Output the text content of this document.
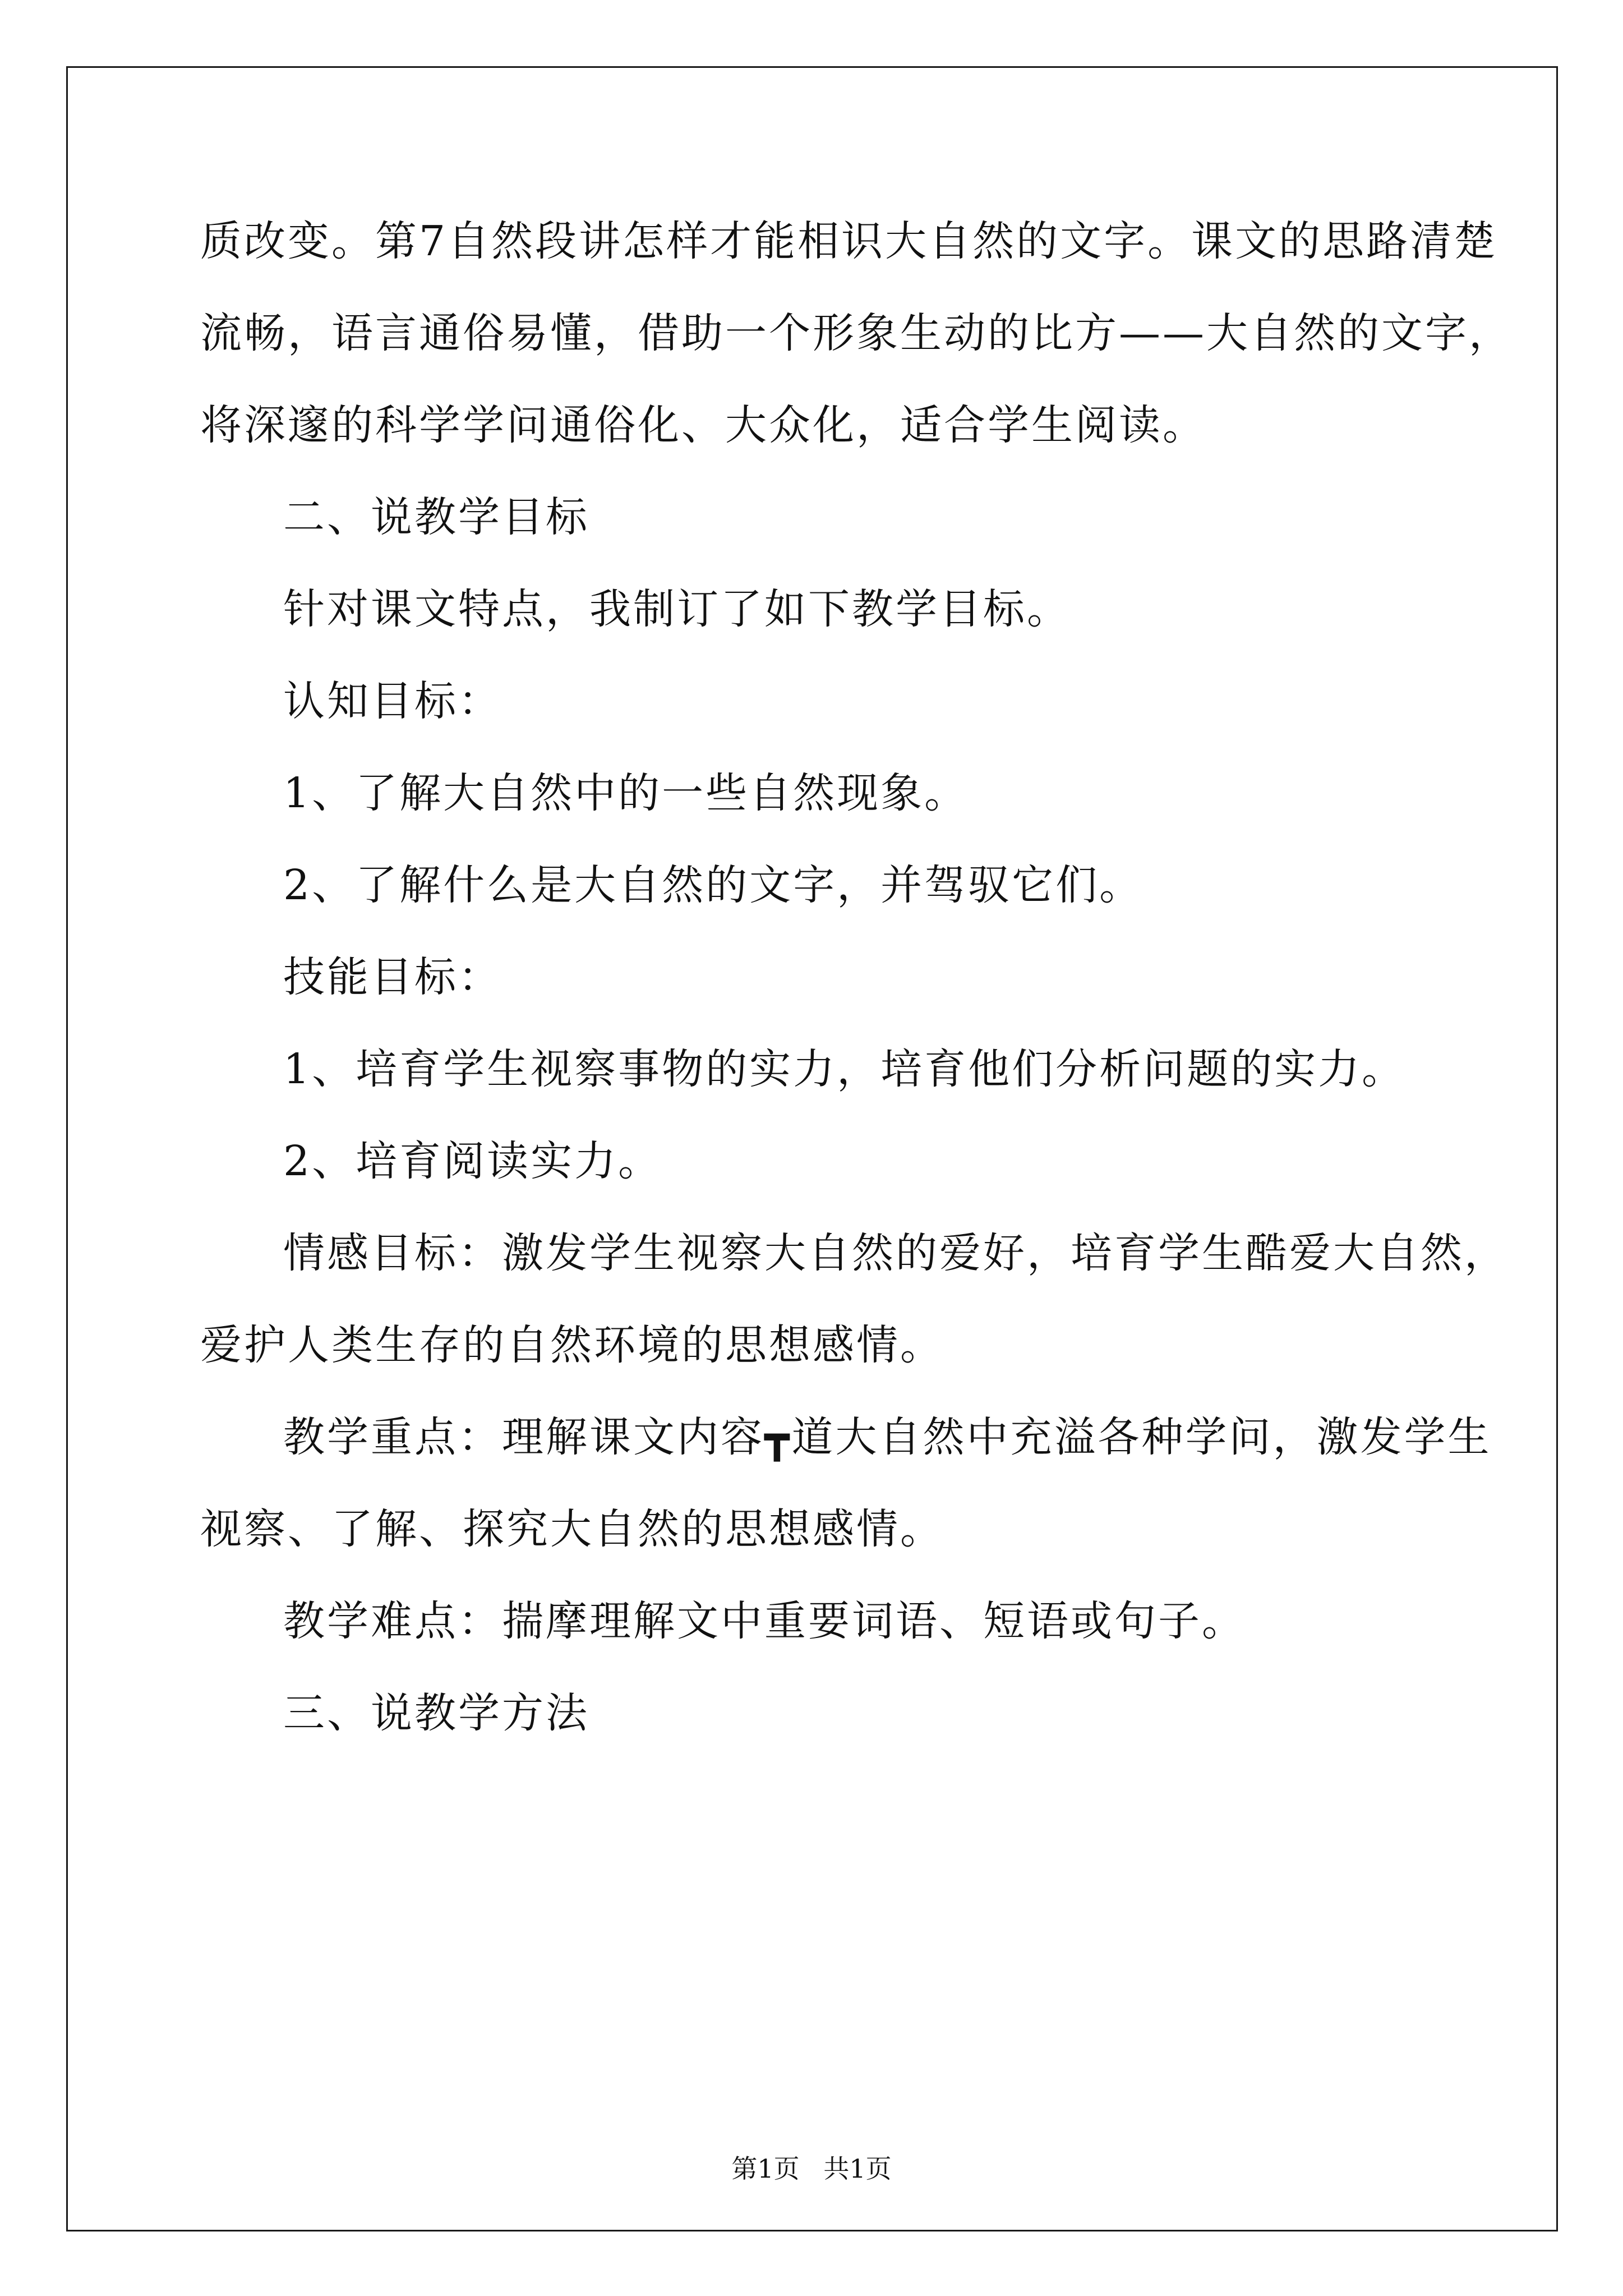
质改变。第7自然段讲怎样才能相识大自然的文字。课文的思路清楚
流畅，语言通俗易懂，借助一个形象生动的比方——大自然的文字，
将深邃的科学学问通俗化、大众化，适合学生阅读。
二、说教学目标
针对课文特点，我制订了如下教学目标。
认知目标：
1、了解大自然中的一些自然现象。
2、了解什么是大自然的文字，并驾驭它们。
技能目标：
1、培育学生视察事物的实力，培育他们分析问题的实力。
2、培育阅读实力。
情感目标：激发学生视察大自然的爱好，培育学生酷爱大自然，
爱护人类生存的自然环境的思想感情。
教学重点：理解课文内容┳道大自然中充溢各种学问，激发学生
视察、了解、探究大自然的思想感情。
教学难点：揣摩理解文中重要词语、短语或句子。
三、说教学方法
第1页 共1页
